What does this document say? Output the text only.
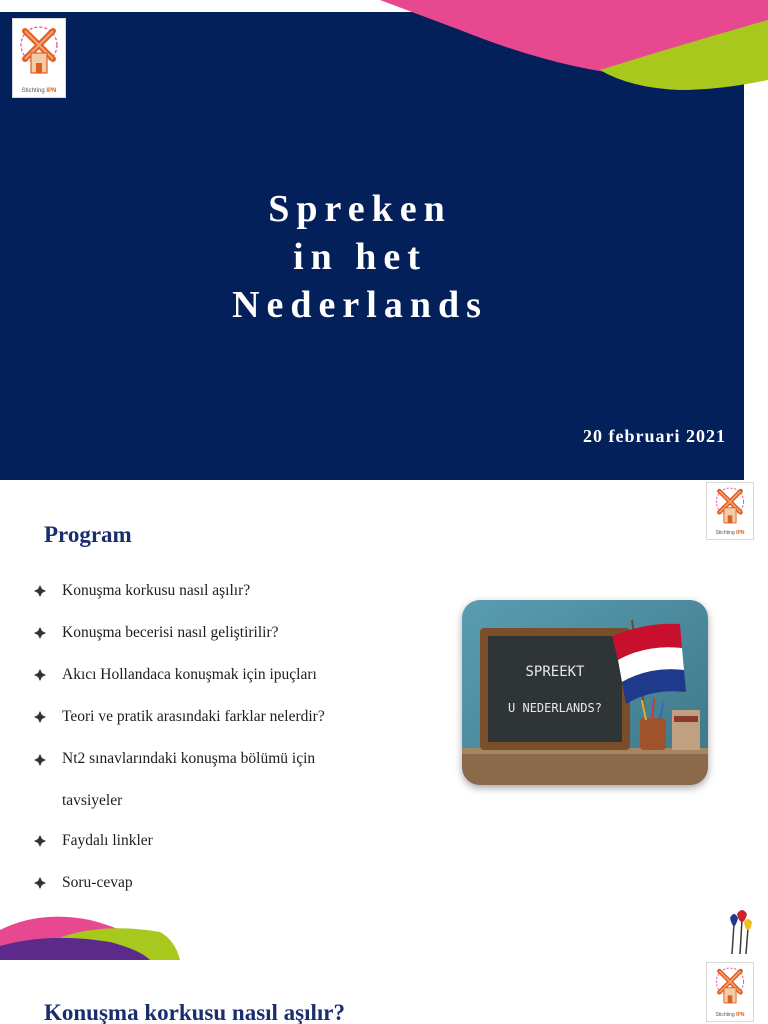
Stichting IPN
Spreken
in het
Nederlands
20 februari 2021
Stichting IPN
Program
Konuşma korkusu nasıl aşılır?
Konuşma becerisi nasıl geliştirilir?
Akıcı Hollandaca konuşmak için ipuçları
Teori ve pratik arasındaki farklar nelerdir?
Nt2 sınavlarındaki konuşma bölümü için
tavsiyeler
Faydalı linkler
Soru-cevap
SPREEKT
U NEDERLANDS?
Stichting IPN
Konuşma korkusu nasıl aşılır?
